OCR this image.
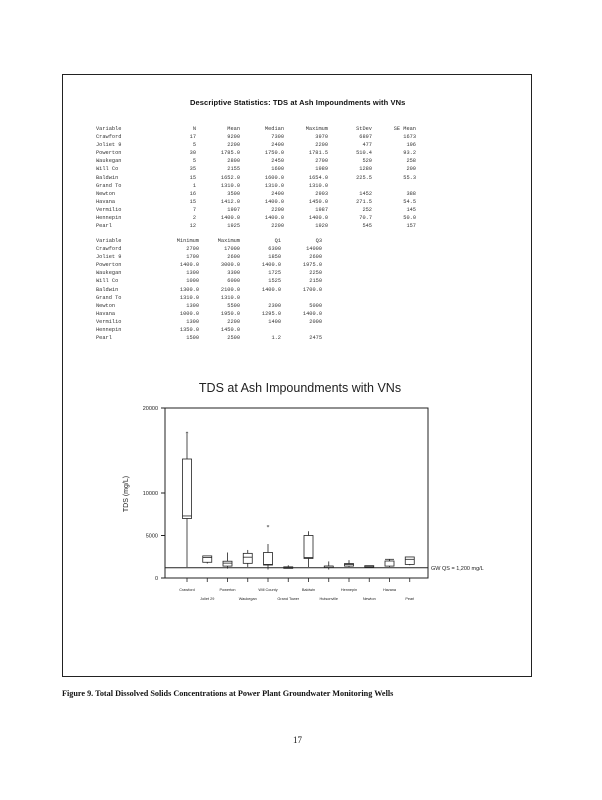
Descriptive Statistics: TDS at Ash Impoundments with VNs
Variable	N	Mean	Median	Maximum	StDev	SE Mean
Crawford	17	9200	7300	3970	6897	1673
Joliet 9	5	2200	2400	2200	477	196
Powerton	30	1785.0	1750.0	1781.5	510.4	93.2
Waukegan	5	2800	2450	2700	520	258
Will Co	35	2155	1600	1989	1280	200
Baldwin	15	1652.0	1600.0	1654.0	225.5	55.3
Grand To	1	1310.0	1310.0	1310.0		
Newton	16	3500	2400	2903	1452	388
Havana	15	1412.0	1400.0	1450.0	271.5	54.5
Vermilio	7	1907	2200	1987	252	145
Hennepin	2	1400.0	1400.0	1400.0	70.7	50.0
Pearl	12	1925	2200	1920	545	157
Variable	Minimum	Maximum	Q1	Q3
Crawford	2700	17000	6300	14000
Joliet 9	1700	2600	1850	2600
Powerton	1400.0	3000.0	1400.0	1975.0
Waukegan	1300	3300	1725	2250
Will Co	1000	6000	1525	2150
Baldwin	1300.0	2100.0	1400.0	1700.0
Grand To	1310.0	1310.0		
Newton	1300	5500	2300	5000
Havana	1000.0	1950.0	1295.0	1400.0
Vermilio	1300	2200	1400	2000
Hennepin	1350.0	1450.0		
Pearl	1500	2500	1.2	2475
TDS at Ash Impoundments with VNs
0
5000
10000
20000
TDS (mg/L)
Crawford
Joliet 29
Powerton
Waukegan
Will County
Grand Tower
Baldwin
Hutsonville
Hennepin
Newton
Havana
Pearl
*
*
GW QS = 1,200 mg/L
Figure 9. Total Dissolved Solids Concentrations at Power Plant Groundwater Monitoring Wells
17
